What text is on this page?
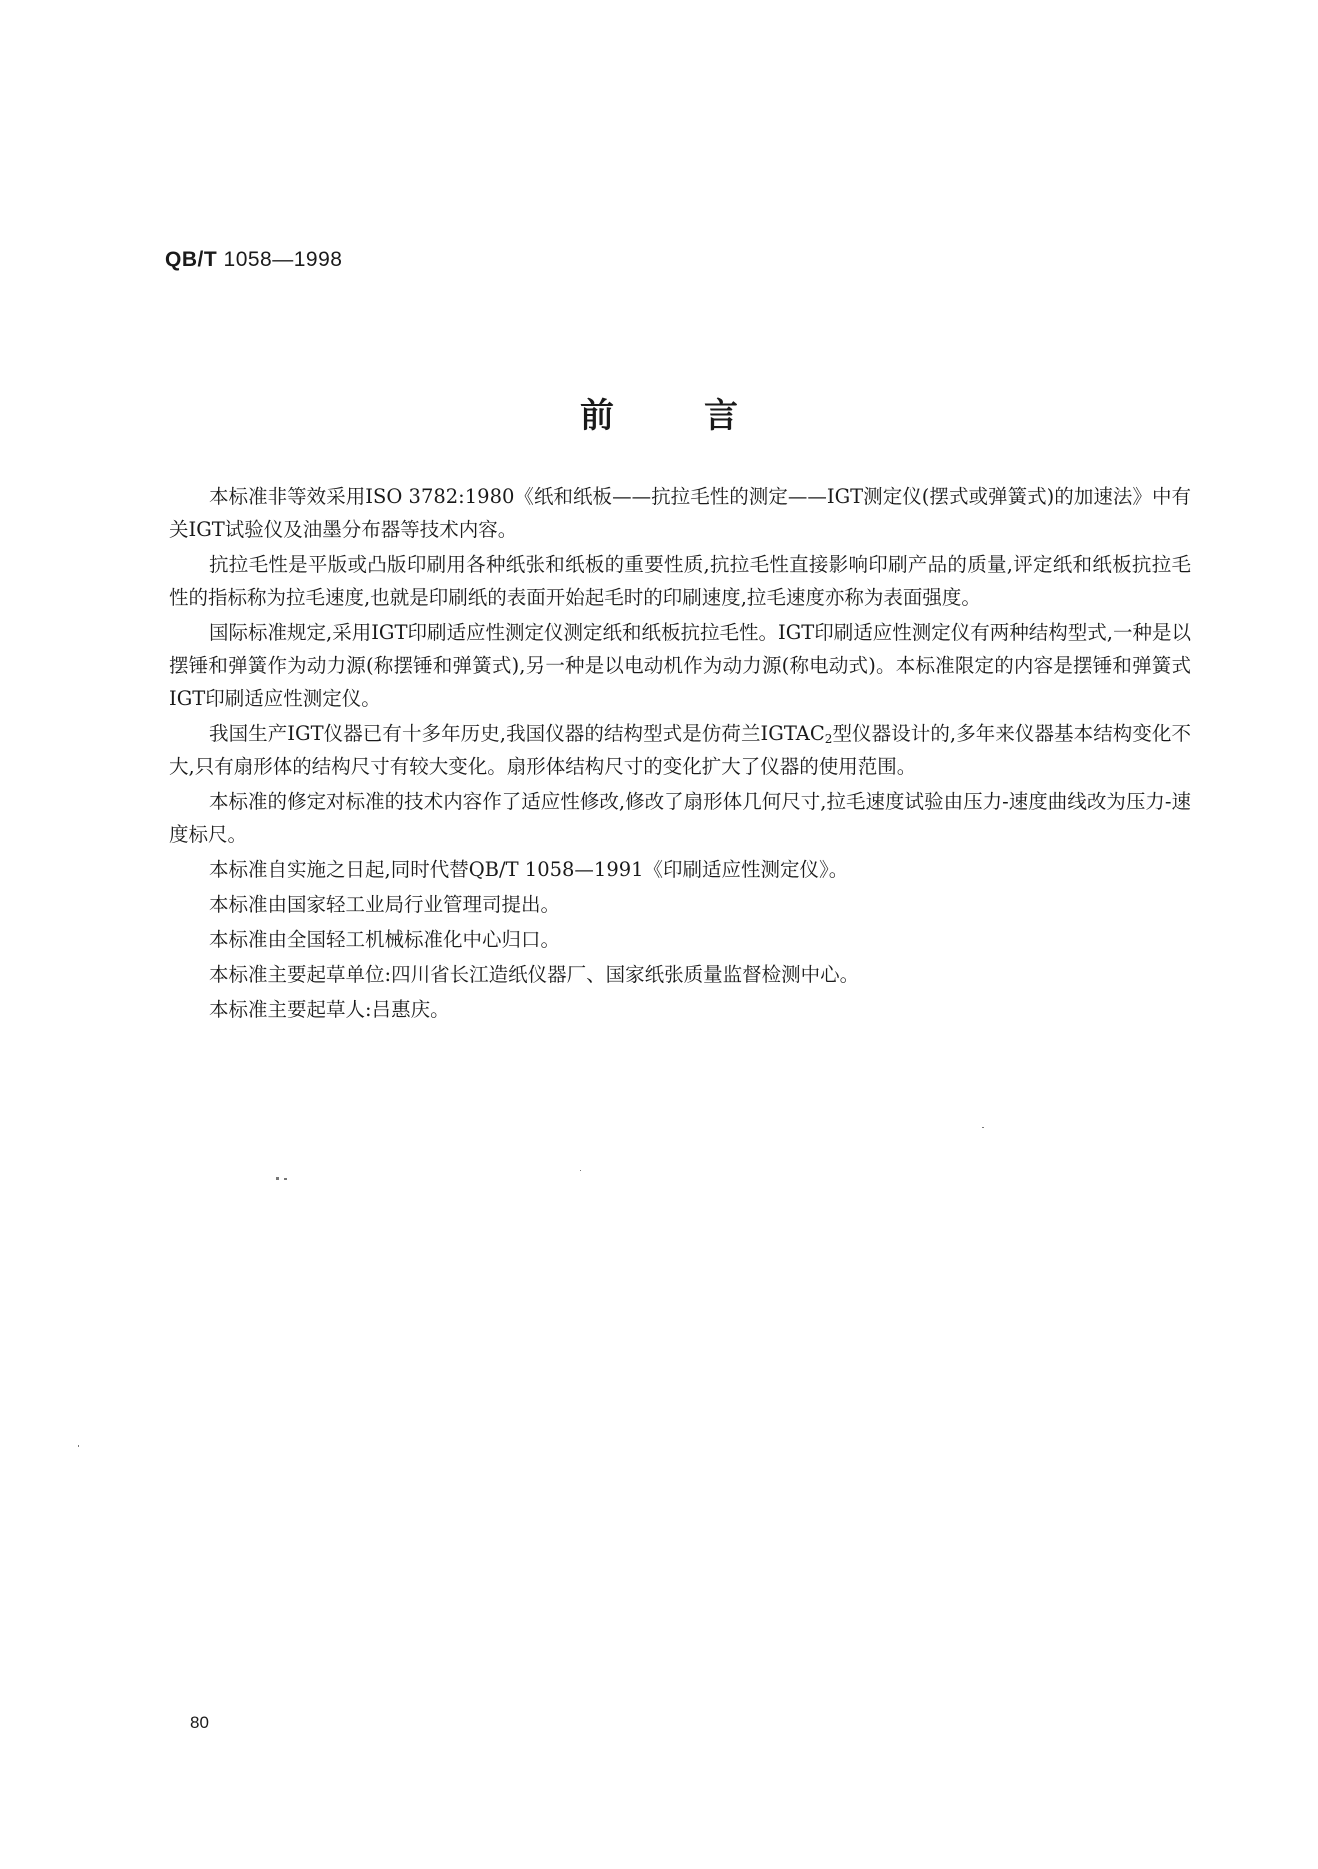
QB/T 1058—1998
前言

本标准非等效采用ISO 3782:1980《纸和纸板——抗拉毛性的测定——IGT测定仪(摆式或弹簧式)的加速法》中有关IGT试验仪及油墨分布器等技术内容。

抗拉毛性是平版或凸版印刷用各种纸张和纸板的重要性质,抗拉毛性直接影响印刷产品的质量,评定纸和纸板抗拉毛性的指标称为拉毛速度,也就是印刷纸的表面开始起毛时的印刷速度,拉毛速度亦称为表面强度。

国际标准规定,采用IGT印刷适应性测定仪测定纸和纸板抗拉毛性。IGT印刷适应性测定仪有两种结构型式,一种是以摆锤和弹簧作为动力源(称摆锤和弹簧式),另一种是以电动机作为动力源(称电动式)。本标准限定的内容是摆锤和弹簧式IGT印刷适应性测定仪。

我国生产IGT仪器已有十多年历史,我国仪器的结构型式是仿荷兰$IGTAC_2$型仪器设计的,多年来仪器基本结构变化不大,只有扇形体的结构尺寸有较大变化。扇形体结构尺寸的变化扩大了仪器的使用范围。

本标准的修定对标准的技术内容作了适应性修改,修改了扇形体几何尺寸,拉毛速度试验由压力-速度曲线改为压力-速度标尺。

本标准自实施之日起,同时代替QB/T 1058—1991《印刷适应性测定仪》。

本标准由国家轻工业局行业管理司提出。

本标准由全国轻工机械标准化中心归口。

本标准主要起草单位:四川省长江造纸仪器厂、国家纸张质量监督检测中心。

本标准主要起草人:吕惠庆。

80
